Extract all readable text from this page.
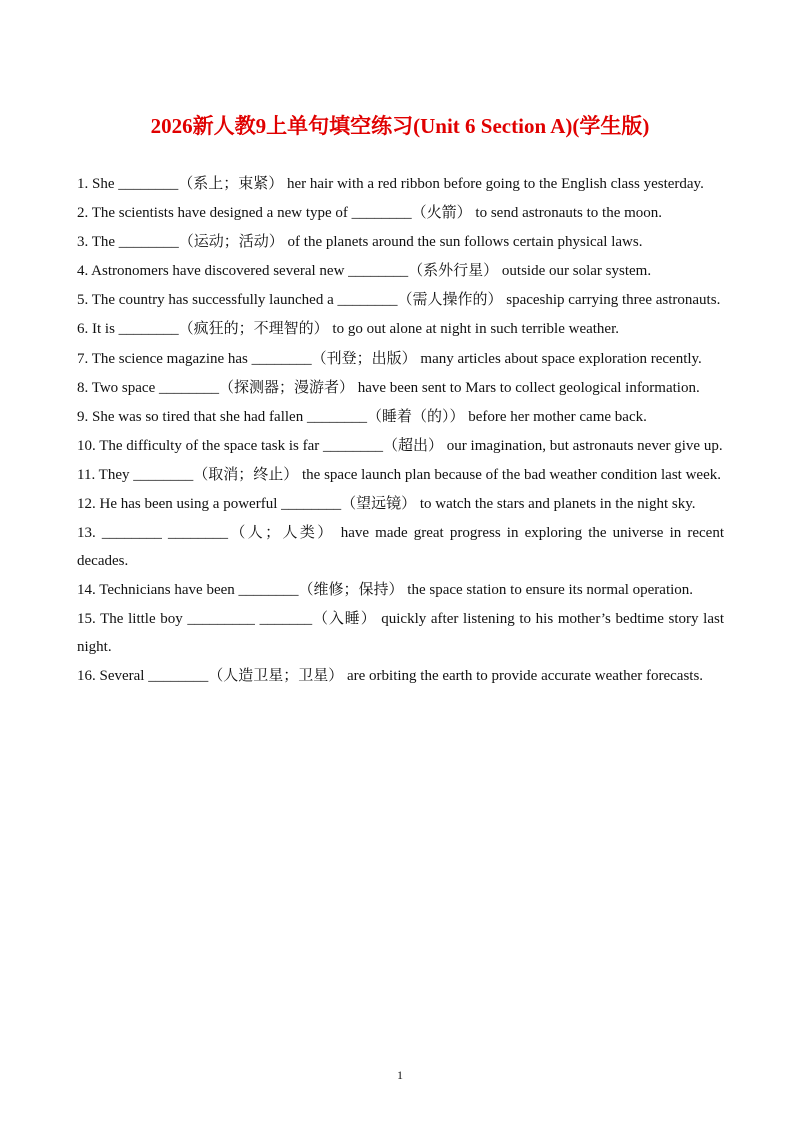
2026新人教9上单句填空练习(Unit 6 Section A)(学生版)
1. She ________（系上；束紧） her hair with a red ribbon before going to the English class yesterday.
2. The scientists have designed a new type of ________（火箭） to send astronauts to the moon.
3. The ________（运动；活动） of the planets around the sun follows certain physical laws.
4. Astronomers have discovered several new ________（系外行星） outside our solar system.
5. The country has successfully launched a ________（需人操作的） spaceship carrying three astronauts.
6. It is ________（疯狂的；不理智的） to go out alone at night in such terrible weather.
7. The science magazine has ________（刊登；出版） many articles about space exploration recently.
8. Two space ________（探测器；漫游者） have been sent to Mars to collect geological information.
9. She was so tired that she had fallen ________（睡着（的）） before her mother came back.
10. The difficulty of the space task is far ________（超出） our imagination, but astronauts never give up.
11. They ________（取消；终止） the space launch plan because of the bad weather condition last week.
12. He has been using a powerful ________（望远镜） to watch the stars and planets in the night sky.
13. ________ ________（人；人类） have made great progress in exploring the universe in recent decades.
14. Technicians have been ________（维修；保持） the space station to ensure its normal operation.
15. The little boy _________ _______（入睡） quickly after listening to his mother’s bedtime story last night.
16. Several ________（人造卫星；卫星） are orbiting the earth to provide accurate weather forecasts.
1
